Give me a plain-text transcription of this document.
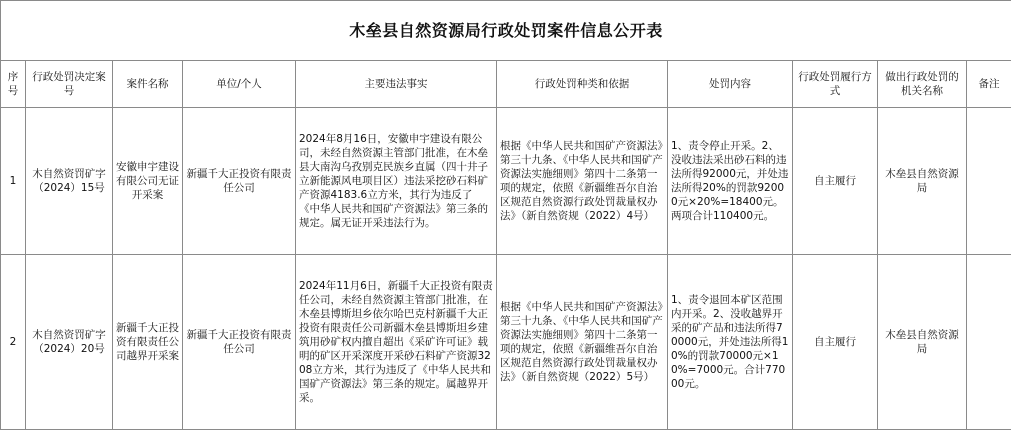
木垒县自然资源局行政处罚案件信息公开表									
序号	行政处罚决定案号	案件名称	单位/个人	主要违法事实	行政处罚种类和依据	处罚内容	行政处罚履行方式	做出行政处罚的机关名称	备注
1	木自然资罚矿字（2024）15号	安徽申宇建设有限公司无证开采案	新疆千大正投资有限责任公司	2024年8月16日，安徽申宇建设有限公司，未经自然资源主管部门批准，在木垒县大南沟乌孜别克民族乡直属（四十井子立新能源风电项目区）违法采挖砂石料矿产资源4183.6立方米，其行为违反了《中华人民共和国矿产资源法》第三条的规定。属无证开采违法行为。	根据《中华人民共和国矿产资源法》第三十九条、《中华人民共和国矿产资源法实施细则》第四十二条第一项的规定，依照《新疆维吾尔自治区规范自然资源行政处罚裁量权办法》（新自然资规（2022）4号）	1、责令停止开采。2、没收违法采出砂石料的违法所得92000元，并处违法所得20%的罚款92000元×20%=18400元。两项合计110400元。	自主履行	木垒县自然资源局	
2	木自然资罚矿字（2024）20号	新疆千大正投资有限责任公司越界开采案	新疆千大正投资有限责任公司	2024年11月6日，新疆千大正投资有限责任公司，未经自然资源主管部门批准，在木垒县博斯坦乡依尔哈巴克村新疆千大正投资有限责任公司新疆木垒县博斯坦乡建筑用砂矿权内擅自超出《采矿许可证》载明的矿区开采深度开采砂石料矿产资源3208立方米，其行为违反了《中华人民共和国矿产资源法》第三条的规定。属越界开采。	根据《中华人民共和国矿产资源法》第三十九条、《中华人民共和国矿产资源法实施细则》第四十二条第一项的规定，依照《新疆维吾尔自治区规范自然资源行政处罚裁量权办法》（新自然资规（2022）5号）	1、责令退回本矿区范围内开采。2、没收越界开采的矿产品和违法所得70000元，并处违法所得10%的罚款70000元×10%=7000元。合计77000元。	自主履行	木垒县自然资源局	
